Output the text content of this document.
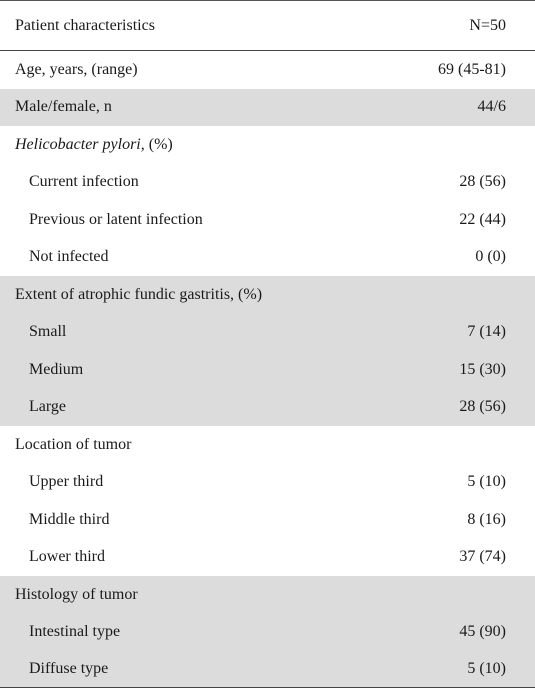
Patient characteristics	N=50
Age, years, (range)	69 (45-81)
Male/female, n	44/6
Helicobacter pylori, (%)
Current infection	28 (56)
Previous or latent infection	22 (44)
Not infected	0 (0)
Extent of atrophic fundic gastritis, (%)
Small	7 (14)
Medium	15 (30)
Large	28 (56)
Location of tumor
Upper third	5 (10)
Middle third	8 (16)
Lower third	37 (74)
Histology of tumor
Intestinal type	45 (90)
Diffuse type	5 (10)
